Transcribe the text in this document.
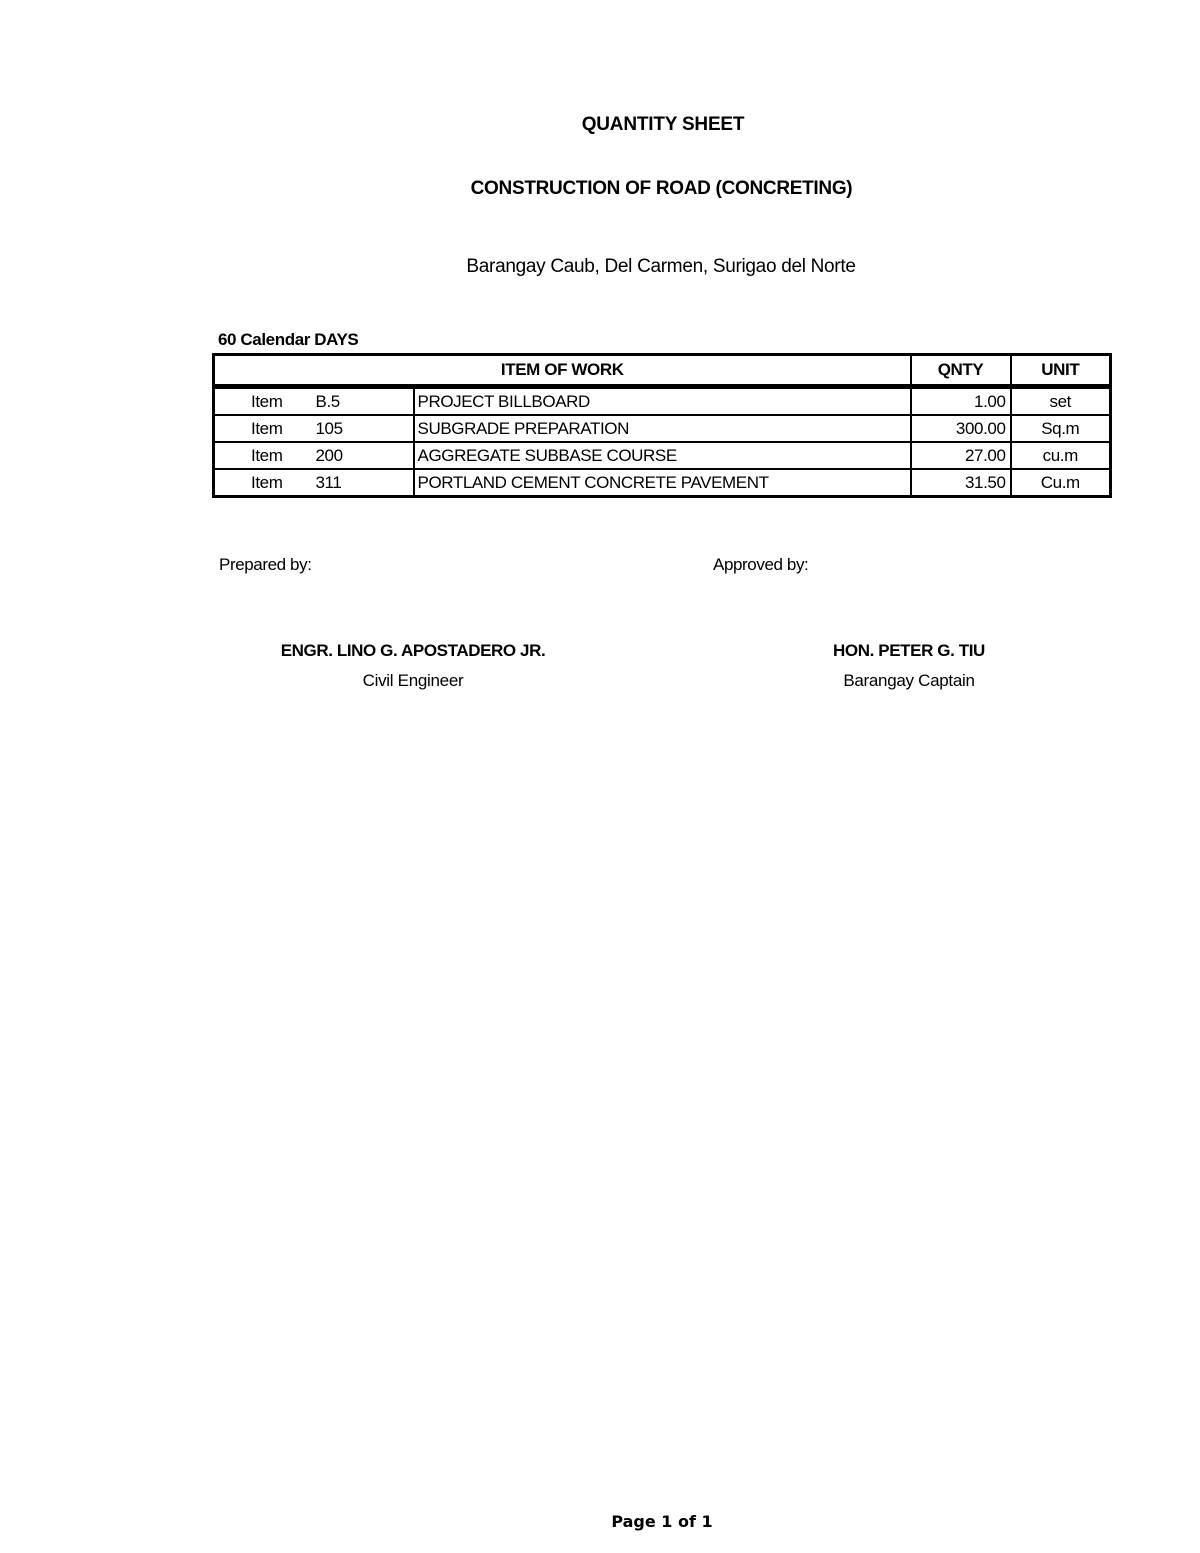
QUANTITY SHEET
CONSTRUCTION OF ROAD (CONCRETING)
Barangay Caub, Del Carmen, Surigao del Norte
60 Calendar DAYS
ITEM OF WORK			QNTY	UNIT
Item	B.5	PROJECT BILLBOARD	1.00	set
Item	105	SUBGRADE PREPARATION	300.00	Sq.m
Item	200	AGGREGATE SUBBASE COURSE	27.00	cu.m
Item	311	PORTLAND CEMENT CONCRETE PAVEMENT	31.50	Cu.m
Prepared by:	Approved by:
ENGR. LINO G. APOSTADERO JR.
Civil Engineer
HON. PETER G. TIU
Barangay Captain
Page 1 of 1
